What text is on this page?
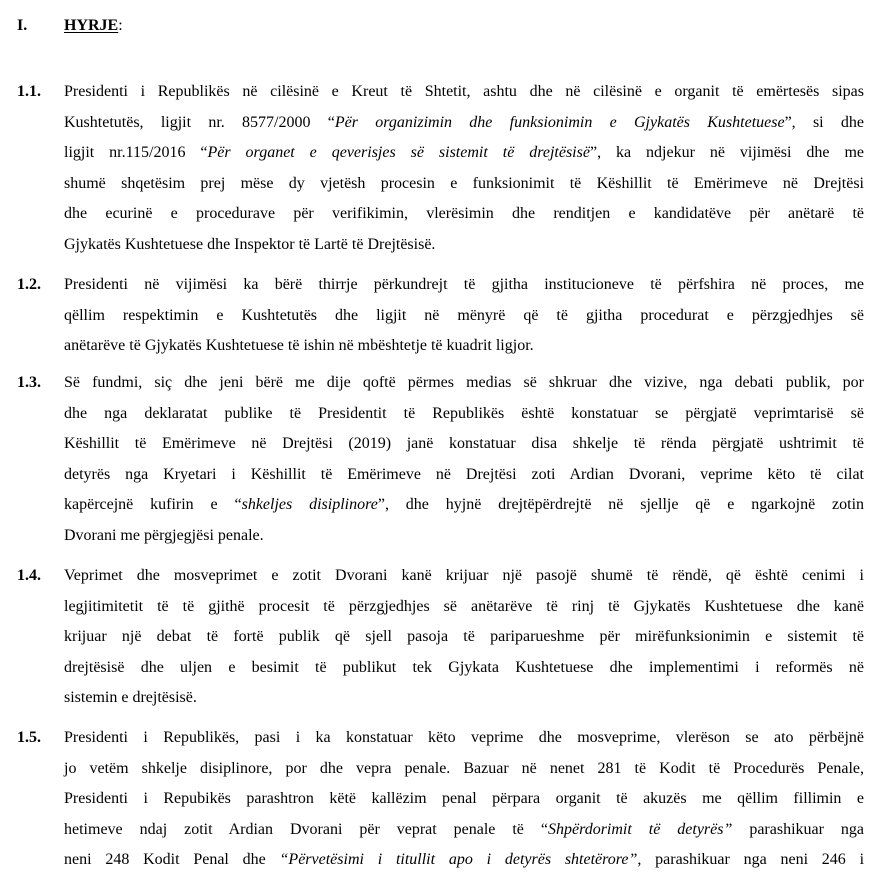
I. HYRJE:
1.1. Presidenti i Republikës në cilësinë e Kreut të Shtetit, ashtu dhe në cilësinë e organit të emërtesës sipas
Kushtetutës, ligjit nr. 8577/2000 “Për organizimin dhe funksionimin e Gjykatës Kushtetuese”, si dhe
ligjit nr.115/2016 “Për organet e qeverisjes së sistemit të drejtësisë”, ka ndjekur në vijimësi dhe me
shumë shqetësim prej mëse dy vjetësh procesin e funksionimit të Këshillit të Emërimeve në Drejtësi
dhe ecurinë e procedurave për verifikimin, vlerësimin dhe renditjen e kandidatëve për anëtarë të
Gjykatës Kushtetuese dhe Inspektor të Lartë të Drejtësisë.
1.2. Presidenti në vijimësi ka bërë thirrje përkundrejt të gjitha institucioneve të përfshira në proces, me
qëllim respektimin e Kushtetutës dhe ligjit në mënyrë që të gjitha procedurat e përzgjedhjes së
anëtarëve të Gjykatës Kushtetuese të ishin në mbështetje të kuadrit ligjor.
1.3. Së fundmi, siç dhe jeni bërë me dije qoftë përmes medias së shkruar dhe vizive, nga debati publik, por
dhe nga deklaratat publike të Presidentit të Republikës është konstatuar se përgjatë veprimtarisë së
Këshillit të Emërimeve në Drejtësi (2019) janë konstatuar disa shkelje të rënda përgjatë ushtrimit të
detyrës nga Kryetari i Këshillit të Emërimeve në Drejtësi zoti Ardian Dvorani, veprime këto të cilat
kapërcejnë kufirin e “shkeljes disiplinore”, dhe hyjnë drejtëpërdrejtë në sjellje që e ngarkojnë zotin
Dvorani me përgjegjësi penale.
1.4. Veprimet dhe mosveprimet e zotit Dvorani kanë krijuar një pasojë shumë të rëndë, që është cenimi i
legjitimitetit të të gjithë procesit të përzgjedhjes së anëtarëve të rinj të Gjykatës Kushtetuese dhe kanë
krijuar një debat të fortë publik që sjell pasoja të pariparueshme për mirëfunksionimin e sistemit të
drejtësisë dhe uljen e besimit të publikut tek Gjykata Kushtetuese dhe implementimi i reformës në
sistemin e drejtësisë.
1.5. Presidenti i Republikës, pasi i ka konstatuar këto veprime dhe mosveprime, vlerëson se ato përbëjnë
jo vetëm shkelje disiplinore, por dhe vepra penale. Bazuar në nenet 281 të Kodit të Procedurës Penale,
Presidenti i Repubikës parashtron këtë kallëzim penal përpara organit të akuzës me qëllim fillimin e
hetimeve ndaj zotit Ardian Dvorani për veprat penale të “Shpërdorimit të detyrës” parashikuar nga
neni 248 Kodit Penal dhe “Përvetësimi i titullit apo i detyrës shtetërore”, parashikuar nga neni 246 i
